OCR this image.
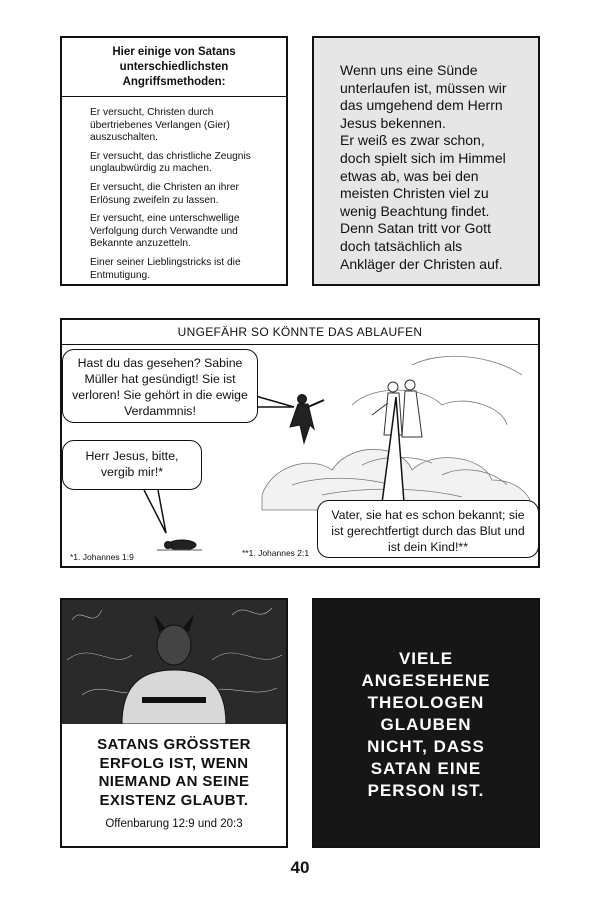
Hier einige von Satans unterschiedlichsten Angriffsmethoden:
Er versucht, Christen durch übertriebenes Verlangen (Gier) auszuschalten.
Er versucht, das christliche Zeugnis unglaubwürdig zu machen.
Er versucht, die Christen an ihrer Erlösung zweifeln zu lassen.
Er versucht, eine unterschwellige Verfolgung durch Verwandte und Bekannte anzuzetteln.
Einer seiner Lieblingstricks ist die Entmutigung.
Wenn uns eine Sünde
unterlaufen ist, müssen wir
das umgehend dem Herrn
Jesus bekennen.
Er weiß es zwar schon,
doch spielt sich im Himmel
etwas ab, was bei den
meisten Christen viel zu
wenig Beachtung findet.
Denn Satan tritt vor Gott
doch tatsächlich als
Ankläger der Christen auf.
UNGEFÄHR SO KÖNNTE DAS ABLAUFEN
Hast du das gesehen? Sabine Müller hat gesündigt! Sie ist verloren! Sie gehört in die ewige Verdammnis!
Herr Jesus, bitte, vergib mir!*
Vater, sie hat es schon bekannt; sie ist gerechtfertigt durch das Blut und ist dein Kind!**
*1. Johannes 1:9	**1. Johannes 2:1
SATANS GRÖSSTER
ERFOLG IST, WENN
NIEMAND AN SEINE
EXISTENZ GLAUBT.
Offenbarung 12:9 und 20:3
VIELE
ANGESEHENE
THEOLOGEN
GLAUBEN
NICHT, DASS
SATAN EINE
PERSON IST.
40
